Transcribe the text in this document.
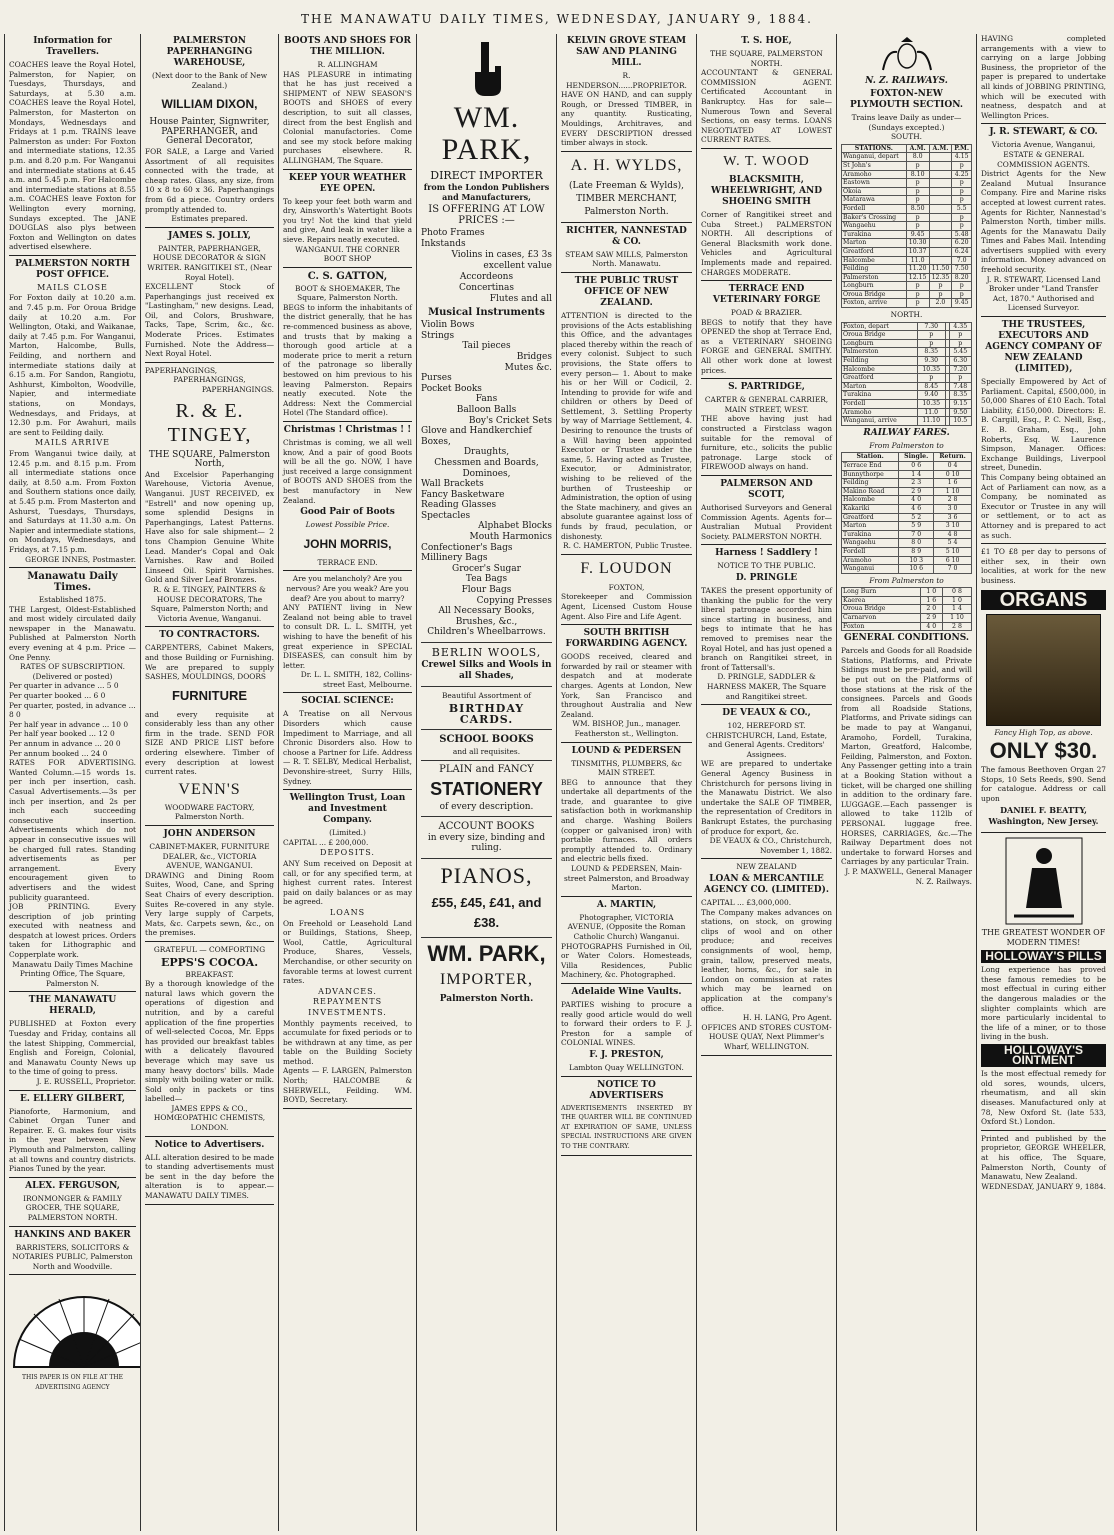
THE MANAWATU DAILY TIMES, WEDNESDAY, JANUARY 9, 1884.
Information for Travellers.
COACHES leave the Royal Hotel, Palmerston, for Napier, on Tuesdays, Thursdays, and Saturdays, at 5.30 a.m. COACHES leave the Royal Hotel, Palmerston, for Masterton on Mondays, Wednesdays and Fridays at 1 p.m. TRAINS leave Palmerston as under: For Foxton and intermediate stations, 12.35 p.m. and 8.20 p.m. For Wanganui and intermediate stations at 6.45 a.m. and 5.45 p.m. For Halcombe and intermediate stations at 8.55 a.m. COACHES leave Foxton for Wellington every morning, Sundays excepted. The JANE DOUGLAS also plys between Foxton and Wellington on dates advertised elsewhere.
PALMERSTON NORTH POST OFFICE.
MAILS CLOSE
For Foxton daily at 10.20 a.m. and 7.45 p.m. For Oroua Bridge daily at 10.20 a.m. For Wellington, Otaki, and Waikanae, daily at 7.45 p.m. For Wanganui, Marton, Halcombe, Bulls, Feilding, and northern and intermediate stations daily at 6.15 a.m. For Sandon, Rangiotu, Ashhurst, Kimbolton, Woodville, Napier, and intermediate stations, on Mondays, Wednesdays, and Fridays, at 12.30 p.m. For Awahuri, mails are sent to Feilding daily.
MAILS ARRIVE
From Wanganui twice daily, at 12.45 p.m. and 8.15 p.m. From all intermediate stations once daily, at 8.50 a.m. From Foxton and Southern stations once daily, at 5.45 p.m. From Masterton and Ashurst, Tuesdays, Thursdays, and Saturdays at 11.30 a.m. On Napier and intermediate stations, on Mondays, Wednesdays, and Fridays, at 7.15 p.m.
GEORGE INNES, Postmaster.
Manawatu Daily Times.
Established 1875.
THE Largest, Oldest-Established and most widely circulated daily newspaper in the Manawatu. Published at Palmerston North every evening at 4 p.m. Price — One Penny.
RATES OF SUBSCRIPTION. (Delivered or posted)
Per quarter in advance ... 5 0
Per quarter booked ... 6 0
Per quarter, posted, in advance ... 8 0
Per half year in advance ... 10 0
Per half year booked ... 12 0
Per annum in advance ... 20 0
Per annum booked ... 24 0
RATES FOR ADVERTISING. Wanted Column.—15 words 1s. per inch per insertion, cash. Casual Advertisements.—3s per inch per insertion, and 2s per inch each succeeding consecutive insertion. Advertisements which do not appear in consecutive issues will be charged full rates. Standing advertisements as per arrangement. Every encouragement given to advertisers and the widest publicity guaranteed.
JOB PRINTING. Every description of job printing executed with neatness and despatch at lowest prices. Orders taken for Lithographic and Copperplate work.
Manawatu Daily Times Machine Printing Office, The Square, Palmerston N.
THE MANAWATU HERALD,
PUBLISHED at Foxton every Tuesday and Friday, contains all the latest Shipping, Commercial, English and Foreign, Colonial, and Manawatu County News up to the time of going to press.
J. E. RUSSELL, Proprietor.
E. ELLERY GILBERT,
Pianoforte, Harmonium, and Cabinet Organ Tuner and Repairer. E. G. makes four visits in the year between New Plymouth and Palmerston, calling at all towns and country districts. Pianos Tuned by the year.
ALEX. FERGUSON,
IRONMONGER & FAMILY GROCER, THE SQUARE, PALMERSTON NORTH.
HANKINS AND BAKER
BARRISTERS, SOLICITORS & NOTARIES PUBLIC, Palmerston North and Woodville.
THIS PAPER IS ON FILE AT THE ADVERTISING AGENCY
PALMERSTON PAPERHANGING WAREHOUSE,
(Next door to the Bank of New Zealand.)
WILLIAM DIXON,
House Painter, Signwriter, PAPERHANGER, and General Decorator,
FOR SALE, a Large and Varied Assortment of all requisites connected with the trade, at cheap rates. Glass, any size, from 10 x 8 to 60 x 36. Paperhangings from 6d a piece. Country orders promptly attended to.
Estimates prepared.
JAMES S. JOLLY,
PAINTER, PAPERHANGER, HOUSE DECORATOR & SIGN WRITER. RANGITIKEI ST., (Near Royal Hotel).
EXCELLENT Stock of Paperhangings just received ex "Lastingham," new designs. Lead, Oil, and Colors, Brushware, Tacks, Tape, Scrim, &c., &c. Moderate Prices. Estimates Furnished. Note the Address—Next Royal Hotel.
PAPERHANGINGS,
PAPERHANGINGS,
PAPERHANGINGS.
R. & E. TINGEY,
THE SQUARE, Palmerston North,
And Excelsior Paperhanging Warehouse, Victoria Avenue, Wanganui. JUST RECEIVED, ex "Estrell" and now opening up, some splendid Designs in Paperhangings, Latest Patterns. Have also for sale shipment— 2 tons Champion Genuine White Lead. Mander's Copal and Oak Varnishes. Raw and Boiled Linseed Oil. Spirit Varnishes. Gold and Silver Leaf Bronzes.
R. & E. TINGEY, PAINTERS & HOUSE DECORATORS, The Square, Palmerston North; and Victoria Avenue, Wanganui.
TO CONTRACTORS.
CARPENTERS, Cabinet Makers, and those Building or Furnishing. We are prepared to supply SASHES, MOULDINGS, DOORS
FURNITURE
and every requisite at considerably less than any other firm in the trade. SEND FOR SIZE AND PRICE LIST before ordering elsewhere. Timber of every description at lowest current rates.
VENN'S
WOODWARE FACTORY, Palmerston North.
JOHN ANDERSON
CABINET-MAKER, FURNITURE DEALER, &c., VICTORIA AVENUE, WANGANUI.
DRAWING and Dining Room Suites, Wood, Cane, and Spring Seat Chairs of every description. Suites Re-covered in any style. Very large supply of Carpets, Mats, &c. Carpets sewn, &c., on the premises.
GRATEFUL — COMFORTING
EPPS'S COCOA.
BREAKFAST.
By a thorough knowledge of the natural laws which govern the operations of digestion and nutrition, and by a careful application of the fine properties of well-selected Cocoa, Mr. Epps has provided our breakfast tables with a delicately flavoured beverage which may save us many heavy doctors' bills. Made simply with boiling water or milk. Sold only in packets or tins labelled—
JAMES EPPS & CO., HOMŒOPATHIC CHEMISTS, LONDON.
Notice to Advertisers.
ALL alteration desired to be made to standing advertisements must be sent in the day before the alteration is to appear.— MANAWATU DAILY TIMES.
BOOTS AND SHOES FOR THE MILLION.
R. ALLINGHAM
HAS PLEASURE in intimating that he has just received a SHIPMENT of NEW SEASON'S BOOTS and SHOES of every description, to suit all classes, direct from the best English and Colonial manufactories. Come and see my stock before making purchases elsewhere. R. ALLINGHAM, The Square.
KEEP YOUR WEATHER EYE OPEN.
To keep your feet both warm and dry, Ainsworth's Watertight Boots you try! Not the kind that yield and give, And leak in water like a sieve. Repairs neatly executed.
WANGANUI. THE CORNER BOOT SHOP
C. S. GATTON,
BOOT & SHOEMAKER, The Square, Palmerston North.
BEGS to inform the inhabitants of the district generally, that he has re-commenced business as above, and trusts that by making a thorough good article at a moderate price to merit a return of the patronage so liberally bestowed on him previous to his leaving Palmerston. Repairs neatly executed. Note the Address: Next the Commercial Hotel (The Standard office).
Christmas ! Christmas ! !
Christmas is coming, we all well know, And a pair of good Boots will be all the go. NOW, I have just received a large consignment of BOOTS AND SHOES from the best manufactory in New Zealand.
Good Pair of Boots
Lowest Possible Price.
JOHN MORRIS,
TERRACE END.
Are you melancholy? Are you nervous? Are you weak? Are you deaf? Are you about to marry?
ANY PATIENT living in New Zealand not being able to travel to consult DR. L. L. SMITH, yet wishing to have the benefit of his great experience in SPECIAL DISEASES, can consult him by letter.
Dr. L. L. SMITH, 182, Collins-street East, Melbourne.
SOCIAL SCIENCE:
A Treatise on all Nervous Disorders which cause Impediment to Marriage, and all Chronic Disorders also. How to choose a Partner for Life. Address— R. T. SELBY, Medical Herbalist, Devonshire-street, Surry Hills, Sydney.
Wellington Trust, Loan and Investment Company.
(Limited.)
CAPITAL ... £ 200,000.
DEPOSITS.
ANY Sum received on Deposit at call, or for any specified term, at highest current rates. Interest paid on daily balances or as may be agreed.
LOANS
On Freehold or Leasehold Land or Buildings, Stations, Sheep, Wool, Cattle, Agricultural Produce, Shares, Vessels, Merchandise, or other security on favorable terms at lowest current rates.
ADVANCES.
REPAYMENTS
INVESTMENTS.
Monthly payments received, to accumulate for fixed periods or to be withdrawn at any time, as per table on the Building Society method.
Agents — F. LARGEN, Palmerston North; HALCOMBE & SHERWELL, Feilding. WM. BOYD, Secretary.
WM. PARK,
DIRECT IMPORTER
from the London Publishers and Manufacturers,
IS OFFERING AT LOW PRICES :—
Photo Frames
Inkstands
Violins in cases, £3 3s
excellent value
Accordeons
Concertinas
Flutes and all
Musical Instruments
Violin Bows
Strings
Tail pieces
Bridges
Mutes &c.
Purses
Pocket Books
Fans
Balloon Balls
Boy's Cricket Sets
Glove and Handkerchief Boxes,
Draughts,
Chessmen and Boards,
Dominoes,
Wall Brackets
Fancy Basketware
Reading Glasses
Spectacles
Alphabet Blocks
Mouth Harmonics
Confectioner's Bags
Millinery Bags
Grocer's Sugar
Tea Bags
Flour Bags
Copying Presses
All Necessary Books, Brushes, &c.,
Children's Wheelbarrows.
BERLIN WOOLS,
Crewel Silks and Wools in all Shades,
Beautiful Assortment of
BIRTHDAY CARDS.
SCHOOL BOOKS
and all requisites.
PLAIN and FANCY
STATIONERY
of every description.
ACCOUNT BOOKS
in every size, binding and ruling.
PIANOS,
£55, £45, £41, and £38.
WM. PARK,
IMPORTER,
Palmerston North.
KELVIN GROVE STEAM SAW AND PLANING MILL.
R. HENDERSON......PROPRIETOR.
HAVE ON HAND, and can supply Rough, or Dressed TIMBER, in any quantity. Rusticating, Mouldings, Architraves, and EVERY DESCRIPTION dressed timber always in stock.
A. H. WYLDS,
(Late Freeman & Wylds), TIMBER MERCHANT, Palmerston North.
RICHTER, NANNESTAD & CO.
STEAM SAW MILLS, Palmerston North. Manawatu.
THE PUBLIC TRUST OFFICE OF NEW ZEALAND.
ATTENTION is directed to the provisions of the Acts establishing this Office, and the advantages placed thereby within the reach of every colonist. Subject to such provisions, the State offers to every person— 1. About to make his or her Will or Codicil, 2. Intending to provide for wife and children or others by Deed of Settlement, 3. Settling Property by way of Marriage Settlement, 4. Desiring to renounce the trusts of a Will having been appointed Executor or Trustee under the same, 5. Having acted as Trustee, Executor, or Administrator, wishing to be relieved of the burthen of Trusteeship or Administration, the option of using the State machinery, and gives an absolute guarantee against loss of funds by fraud, peculation, or dishonesty.
R. C. HAMERTON, Public Trustee.
F. LOUDON
FOXTON,
Storekeeper and Commission Agent, Licensed Custom House Agent. Also Fire and Life Agent.
SOUTH BRITISH FORWARDING AGENCY.
GOODS received, cleared and forwarded by rail or steamer with despatch and at moderate charges. Agents at London, New York, San Francisco and throughout Australia and New Zealand.
WM. BISHOP, Jun., manager. Featherston st., Wellington.
LOUND & PEDERSEN
TINSMITHS, PLUMBERS, &c MAIN STREET.
BEG to announce that they undertake all departments of the trade, and guarantee to give satisfaction both in workmanship and charge. Washing Boilers (copper or galvanised iron) with portable furnaces. All orders promptly attended to. Ordinary and electric bells fixed.
LOUND & PEDERSEN, Main-street Palmerston, and Broadway Marton.
A. MARTIN,
Photographer, VICTORIA AVENUE, (Opposite the Roman Catholic Church) Wanganui.
PHOTOGRAPHS Furnished in Oil, or Water Colors. Homesteads, Villa Residences, Public Machinery, &c. Photographed.
Adelaide Wine Vaults.
PARTIES wishing to procure a really good article would do well to forward their orders to F. J. Preston for a sample of COLONIAL WINES.
F. J. PRESTON,
Lambton Quay WELLINGTON.
NOTICE TO ADVERTISERS
ADVERTISEMENTS INSERTED BY THE QUARTER WILL BE CONTINUED AT EXPIRATION OF SAME, UNLESS SPECIAL INSTRUCTIONS ARE GIVEN TO THE CONTRARY.
T. S. HOE,
THE SQUARE, PALMERSTON NORTH.
ACCOUNTANT & GENERAL COMMISSION AGENT. Certificated Accountant in Bankruptcy. Has for sale—Numerous Town and Several Sections, on easy terms. LOANS NEGOTIATED AT LOWEST CURRENT RATES.
W. T. WOOD
BLACKSMITH, WHEELWRIGHT, AND SHOEING SMITH
Corner of Rangitikei street and Cuba Street.) PALMERSTON NORTH. All descriptions of General Blacksmith work done. Vehicles and Agricultural Implements made and repaired. CHARGES MODERATE.
TERRACE END VETERINARY FORGE
POAD & BRAZIER.
BEGS to notify that they have OPENED the shop at Terrace End, as a VETERINARY SHOEING FORGE and GENERAL SMITHY. All other work done at lowest prices.
S. PARTRIDGE,
CARTER & GENERAL CARRIER, MAIN STREET, WEST.
THE above having just had constructed a Firstclass wagon suitable for the removal of furniture, etc., solicits the public patronage. Large stock of FIREWOOD always on hand.
PALMERSON AND SCOTT,
Authorised Surveyors and General Commission Agents. Agents for—Australian Mutual Provident Society. PALMERSTON NORTH.
Harness ! Saddlery !
NOTICE TO THE PUBLIC.
D. PRINGLE
TAKES the present opportunity of thanking the public for the very liberal patronage accorded him since starting in business, and begs to intimate that he has removed to premises near the Royal Hotel, and has just opened a branch on Rangitikei street, in front of Tattersall's.
D. PRINGLE, SADDLER & HARNESS MAKER, The Square and Rangitikei street.
DE VEAUX & CO.,
102, HEREFORD ST. CHRISTCHURCH, Land, Estate, and General Agents. Creditors' Assignees.
WE are prepared to undertake General Agency Business in Christchurch for persons living in the Manawatu District. We also undertake the SALE OF TIMBER, the representation of Creditors in Bankrupt Estates, the purchasing of produce for export, &c.
DE VEAUX & CO., Christchurch, November 1, 1882.
NEW ZEALAND
LOAN & MERCANTILE AGENCY CO. (LIMITED).
CAPITAL ... £3,000,000.
The Company makes advances on stations, on stock, on growing clips of wool and on other produce; and receives consignments of wool, hemp, grain, tallow, preserved meats, leather, horns, &c., for sale in London on commission at rates which may be learned on application at the company's office.
H. H. LANG, Pro Agent.
OFFICES AND STORES CUSTOM-HOUSE QUAY, Next Plimmer's Wharf, WELLINGTON.
N. Z. RAILWAYS.
FOXTON-NEW PLYMOUTH SECTION.
Trains leave Daily as under— (Sundays excepted.)
SOUTH.
STATIONS.	A.M.	A.M.	P.M.
Wanganui, depart	8.0		4.15
St John's	p		p
Aramoho	8.10		4.25
Eastown	p		p
Okoia	p		p
Matarawa	p		p
Fordell	8.50		5.5
Baker's Crossing	p		p
Wangaehu	p		p
Turakina	9.45		5.48
Marton	10.30		6.20
Greatford	10.37		6.24
Halcombe	11.0		7.0
Feilding	11.20	11.50	7.50
Palmerston	12.15	12.35	8.20
Longburn	p	p	p
Oroua Bridge	p	p	p
Foxton, arrive	p	2.0	9.45
NORTH.
Foxton, depart	7.30		4.35
Oroua Bridge	p		p
Longburn	p		p
Palmerston	8.35		5.45
Feilding	9.30		6.30
Halcombe	10.35		7.20
Greatford	p		p
Marton	8.45		7.48
Turakina	9.40		8.35
Fordell	10.35		9.15
Aramoho	11.0		9.50
Wanganui, arrive	11.10		10.5
RAILWAY FARES.
From Palmerston to
Station.	Single.	Return.
Terrace End	0 6	0 4
Bunnythorpe	1 4	0 10
Feilding	2 3	1 6
Makino Road	2 9	1 10
Halcombe	4 0	2 8
Kakariki	4 6	3 0
Greatford	5 2	3 6
Marton	5 9	3 10
Turakina	7 0	4 8
Wangaehu	8 0	5 4
Fordell	8 9	5 10
Aramoho	10 3	6 10
Wanganui	10 6	7 0
From Palmerston to
Long Burn	1 0	0 8
Kaerea	1 6	1 0
Oroua Bridge	2 0	1 4
Carnarvon	2 9	1 10
Foxton	4 0	2 8
GENERAL CONDITIONS.
Parcels and Goods for all Roadside Stations, Platforms, and Private Sidings must be pre-paid, and will be put out on the Platforms of those stations at the risk of the consignees. Parcels and Goods from all Roadside Stations, Platforms, and Private sidings can be made to pay at Wanganui, Aramoho, Fordell, Turakina, Marton, Greatford, Halcombe, Feilding, Palmerston, and Foxton. Any Passenger getting into a train at a Booking Station without a ticket, will be charged one shilling in addition to the ordinary fare. LUGGAGE.—Each passenger is allowed to take 112lb of PERSONAL luggage free. HORSES, CARRIAGES, &c.—The Railway Department does not undertake to forward Horses and Carriages by any particular Train.
J. P. MAXWELL, General Manager N. Z. Railways.
HAVING completed arrangements with a view to carrying on a large Jobbing Business, the proprietor of the paper is prepared to undertake all kinds of JOBBING PRINTING, which will be executed with neatness, despatch and at Wellington Prices.
J. R. STEWART, & CO.
Victoria Avenue, Wanganui, ESTATE & GENERAL COMMISSION AGENTS.
District Agents for the New Zealand Mutual Insurance Company. Fire and Marine risks accepted at lowest current rates. Agents for Richter, Nannestad's Palmerston North, timber mills. Agents for the Manawatu Daily Times and Fabes Mail. Intending advertisers supplied with every information. Money advanced on freehold security.
J. R. STEWART, Licensed Land Broker under "Land Transfer Act, 1870." Authorised and Licensed Surveyor.
THE TRUSTEES, EXECUTORS AND AGENCY COMPANY OF NEW ZEALAND (LIMITED),
Specially Empowered by Act of Parliament. Capital, £500,000, in 50,000 Shares of £10 Each. Total Liability, £150,000. Directors: E. B. Cargill, Esq., P. C. Neill, Esq., E. B. Graham, Esq., John Roberts, Esq. W. Laurence Simpson, Manager. Offices: Exchange Buildings, Liverpool street, Dunedin.
This Company being obtained an Act of Parliament can now, as a Company, be nominated as Executor or Trustee in any will or settlement, or to act as Attorney and is prepared to act as such.
£1 TO £8 per day to persons of either sex, in their own localities, at work for the new business.
ORGANS
Fancy High Top, as above.
ONLY $30.
The famous Beethoven Organ 27 Stops, 10 Sets Reeds, $90. Send for catalogue. Address or call upon
DANIEL F. BEATTY, Washington, New Jersey.
THE GREATEST WONDER OF MODERN TIMES!
HOLLOWAY'S PILLS
Long experience has proved these famous remedies to be most effectual in curing either the dangerous maladies or the slighter complaints which are more particularly incidental to the life of a miner, or to those living in the bush.
HOLLOWAY'S OINTMENT
Is the most effectual remedy for old sores, wounds, ulcers, rheumatism, and all skin diseases. Manufactured only at 78, New Oxford St. (late 533, Oxford St.) London.
Printed and published by the proprietor, GEORGE WHEELER, at his office, The Square, Palmerston North, County of Manawatu, New Zealand.
WEDNESDAY, JANUARY 9, 1884.
